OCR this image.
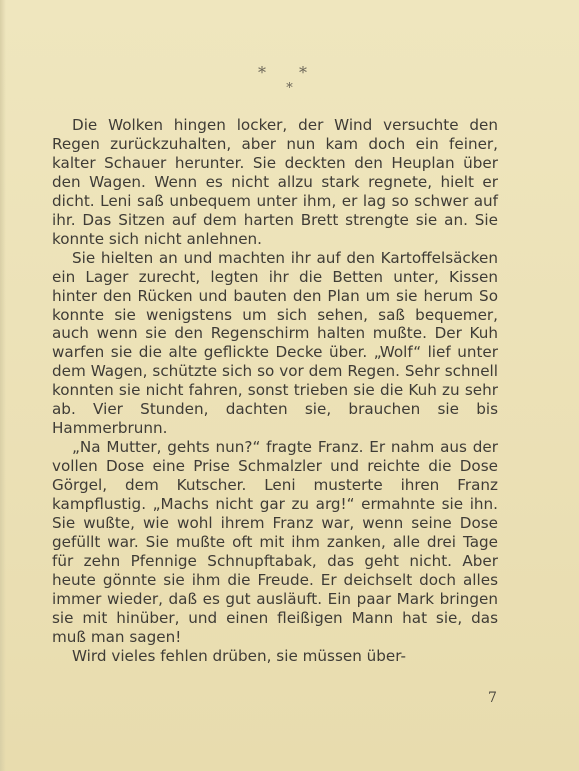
* *
*

Die Wolken hingen locker, der Wind versuchte den Regen zurückzuhalten, aber nun kam doch ein feiner, kalter Schauer herunter. Sie deckten den Heuplan über den Wagen. Wenn es nicht allzu stark regnete, hielt er dicht. Leni saß unbequem unter ihm, er lag so schwer auf ihr. Das Sitzen auf dem harten Brett strengte sie an. Sie konnte sich nicht anlehnen.

Sie hielten an und machten ihr auf den Kartoffelsäcken ein Lager zurecht, legten ihr die Betten unter, Kissen hinter den Rücken und bauten den Plan um sie herum So konnte sie wenigstens um sich sehen, saß bequemer, auch wenn sie den Regenschirm halten mußte. Der Kuh warfen sie die alte geflickte Decke über. „Wolf“ lief unter dem Wagen, schützte sich so vor dem Regen. Sehr schnell konnten sie nicht fahren, sonst trieben sie die Kuh zu sehr ab. Vier Stunden, dachten sie, brauchen sie bis Hammerbrunn.

„Na Mutter, gehts nun?“ fragte Franz. Er nahm aus der vollen Dose eine Prise Schmalzler und reichte die Dose Görgel, dem Kutscher. Leni musterte ihren Franz kampflustig. „Machs nicht gar zu arg!“ ermahnte sie ihn. Sie wußte, wie wohl ihrem Franz war, wenn seine Dose gefüllt war. Sie mußte oft mit ihm zanken, alle drei Tage für zehn Pfennige Schnupftabak, das geht nicht. Aber heute gönnte sie ihm die Freude. Er deichselt doch alles immer wieder, daß es gut ausläuft. Ein paar Mark bringen sie mit hinüber, und einen fleißigen Mann hat sie, das muß man sagen!

Wird vieles fehlen drüben, sie müssen über-

7
